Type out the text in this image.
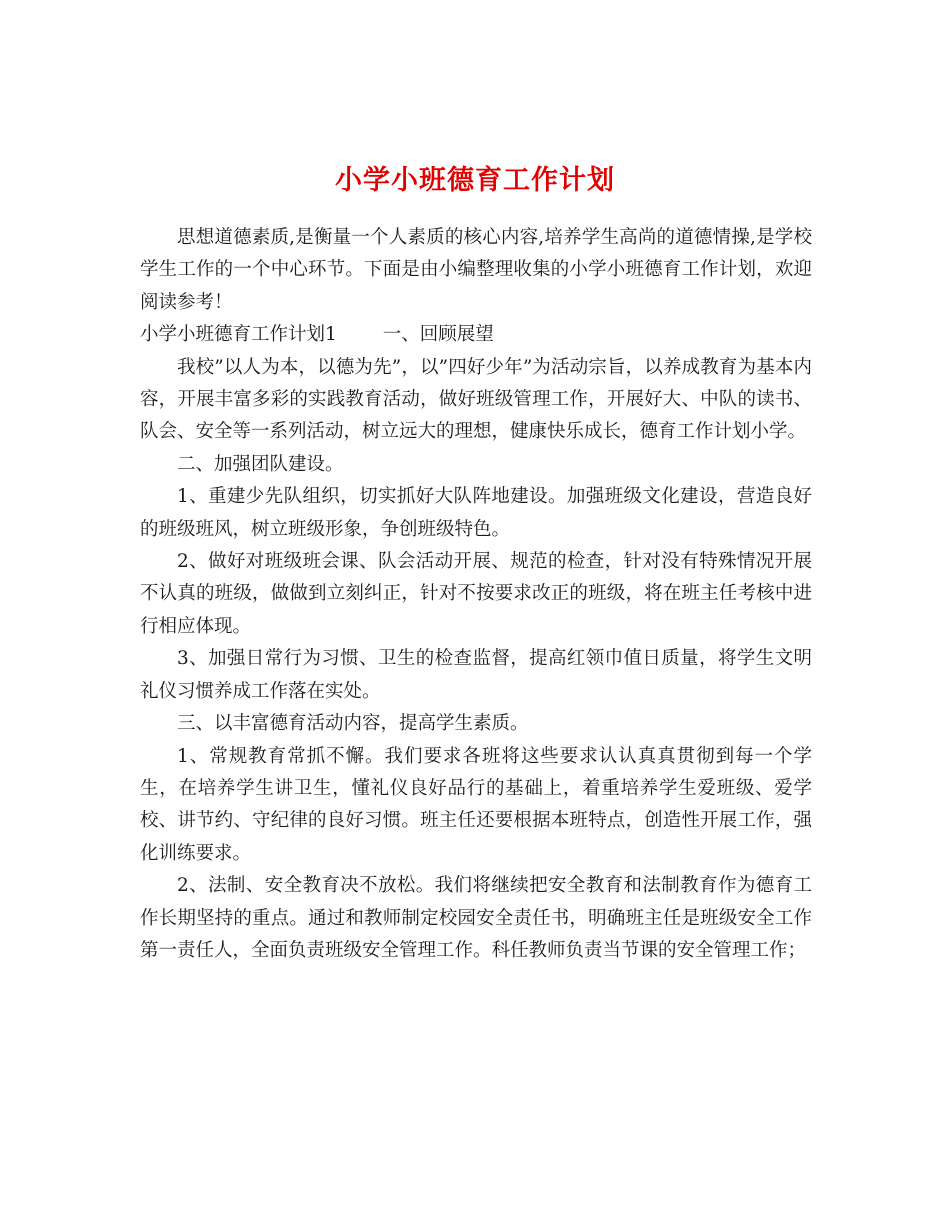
小学小班德育工作计划

思想道德素质,是衡量一个人素质的核心内容,培养学生高尚的道德情操,是学校学生工作的一个中心环节。下面是由小编整理收集的小学小班德育工作计划，欢迎阅读参考！

小学小班德育工作计划1 一、回顾展望

我校”以人为本，以德为先”，以”四好少年”为活动宗旨，以养成教育为基本内容，开展丰富多彩的实践教育活动，做好班级管理工作，开展好大、中队的读书、队会、安全等一系列活动，树立远大的理想，健康快乐成长，德育工作计划小学。

二、加强团队建设。

1、重建少先队组织，切实抓好大队阵地建设。加强班级文化建设，营造良好的班级班风，树立班级形象，争创班级特色。

2、做好对班级班会课、队会活动开展、规范的检查，针对没有特殊情况开展不认真的班级，做做到立刻纠正，针对不按要求改正的班级，将在班主任考核中进行相应体现。

3、加强日常行为习惯、卫生的检查监督，提高红领巾值日质量，将学生文明礼仪习惯养成工作落在实处。

三、以丰富德育活动内容，提高学生素质。

1、常规教育常抓不懈。我们要求各班将这些要求认认真真贯彻到每一个学生，在培养学生讲卫生，懂礼仪良好品行的基础上，着重培养学生爱班级、爱学校、讲节约、守纪律的良好习惯。班主任还要根据本班特点，创造性开展工作，强化训练要求。

2、法制、安全教育决不放松。我们将继续把安全教育和法制教育作为德育工作长期坚持的重点。通过和教师制定校园安全责任书，明确班主任是班级安全工作第一责任人，全面负责班级安全管理工作。科任教师负责当节课的安全管理工作；
